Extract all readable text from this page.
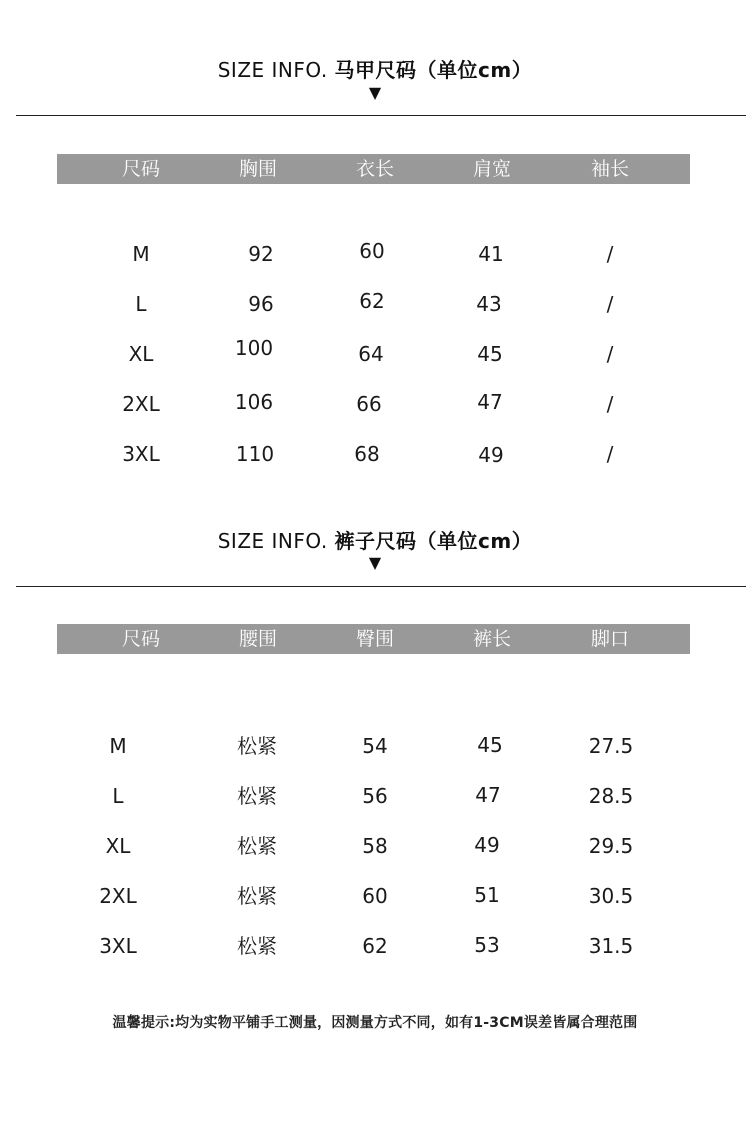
SIZE INFO. 马甲尺码（单位cm）
▼
尺码	胸围	衣长	肩宽	袖长
M	92	60	41	/
L	96	62	43	/
XL	100	64	45	/
2XL	106	66	47	/
3XL	110	68	49	/
SIZE INFO. 裤子尺码（单位cm）
▼
尺码	腰围	臀围	裤长	脚口
M	松紧	54	45	27.5
L	松紧	56	47	28.5
XL	松紧	58	49	29.5
2XL	松紧	60	51	30.5
3XL	松紧	62	53	31.5
温馨提示:均为实物平铺手工测量，因测量方式不同，如有1-3CM误差皆属合理范围
